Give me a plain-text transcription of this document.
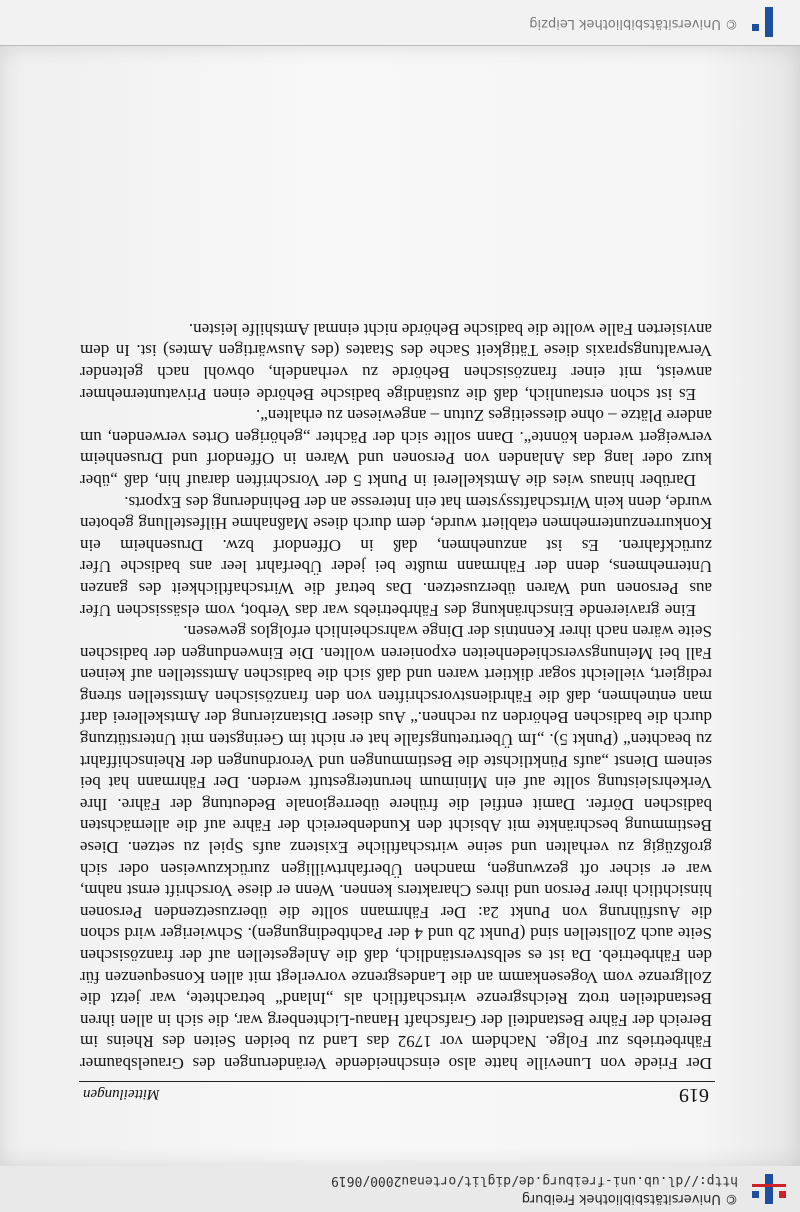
© Universitätsbibliothek Freiburg
http://dl.ub.uni-freiburg.de/diglit/ortenau2000/0619
619
Mitteilungen

Der Friede von Luneville hatte also einschneidende Veränderungen des Grauelsbaumer Fährbetriebs zur Folge. Nachdem vor 1792 das Land zu beiden Seiten des Rheins im Bereich der Fähre Bestandteil der Grafschaft Hanau-Lichtenberg war, die sich in allen ihren Bestandteilen trotz Reichsgrenze wirtschaftlich als „Inland“ betrachtete, war jetzt die Zollgrenze vom Vogesenkamm an die Landesgrenze vorverlegt mit allen Konsequenzen für den Fährbetrieb. Da ist es selbstverständlich, daß die Anlegestellen auf der französischen Seite auch Zollstellen sind (Punkt 2b und 4 der Pachtbedingungen). Schwieriger wird schon die Ausführung von Punkt 2a: Der Fährmann sollte die überzusetzenden Personen hinsichtlich ihrer Person und ihres Charakters kennen. Wenn er diese Vorschrift ernst nahm, war er sicher oft gezwungen, manchen Überfahrtwilligen zurückzuweisen oder sich großzügig zu verhalten und seine wirtschaftliche Existenz aufs Spiel zu setzen. Diese Bestimmung beschränkte mit Absicht den Kundenbereich der Fähre auf die allernächsten badischen Dörfer. Damit entfiel die frühere überregionale Bedeutung der Fähre. Ihre Verkehrsleistung sollte auf ein Minimum heruntergestuft werden. Der Fährmann hat bei seinem Dienst „aufs Pünktlichste die Bestimmungen und Verordnungen der Rheinschiffahrt zu beachten“ (Punkt 5). „Im Übertretungsfalle hat er nicht im Geringsten mit Unterstützung durch die badischen Behörden zu rechnen.“ Aus dieser Distanzierung der Amtskellerei darf man entnehmen, daß die Fährdienstvorschriften von den französischen Amtsstellen streng redigiert, vielleicht sogar diktiert waren und daß sich die badischen Amtsstellen auf keinen Fall bei Meinungsverschiedenheiten exponieren wollten. Die Einwendungen der badischen Seite wären nach ihrer Kenntnis der Dinge wahrscheinlich erfolglos gewesen.

Eine gravierende Einschränkung des Fährbetriebs war das Verbot, vom elsässischen Ufer aus Personen und Waren überzusetzen. Das betraf die Wirtschaftlichkeit des ganzen Unternehmens, denn der Fährmann mußte bei jeder Überfahrt leer ans badische Ufer zurückfahren. Es ist anzunehmen, daß in Offendorf bzw. Drusenheim ein Konkurrenzunternehmen etabliert wurde, dem durch diese Maßnahme Hilfestellung geboten wurde, denn kein Wirtschaftssystem hat ein Interesse an der Behinderung des Exports.

Darüber hinaus wies die Amtskellerei in Punkt 5 der Vorschriften darauf hin, daß „über kurz oder lang das Anlanden von Personen und Waren in Offendorf und Drusenheim verweigert werden könnte“. Dann sollte sich der Pächter „gehörigen Ortes verwenden, um andere Plätze – ohne diesseitiges Zutun – angewiesen zu erhalten“.

Es ist schon erstaunlich, daß die zuständige badische Behörde einen Privatunternehmer anweist, mit einer französischen Behörde zu verhandeln, obwohl nach geltender Verwaltungspraxis diese Tätigkeit Sache des Staates (des Auswärtigen Amtes) ist. In dem anvisierten Falle wollte die badische Behörde nicht einmal Amtshilfe leisten.

© Universitätsbibliothek Leipzig
